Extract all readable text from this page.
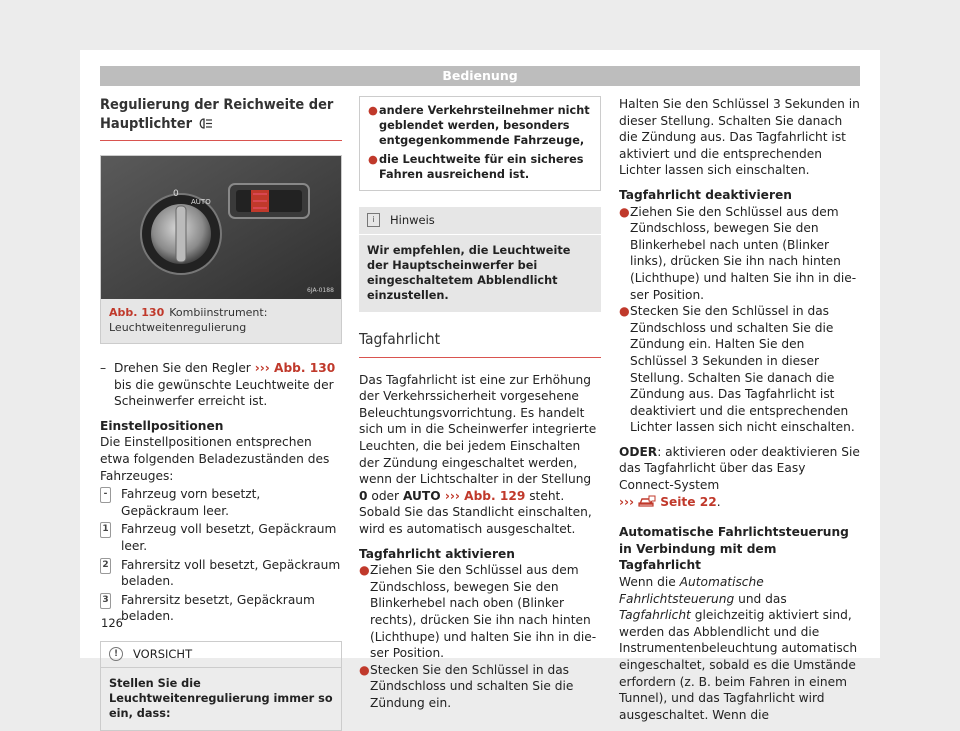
Bedienung
Regulierung der Reichweite der
Hauptlichter
0
AUTO
6JA-0188
Abb. 130 Kombiinstrument: Leuchtweitenregulierung
– Drehen Sie den Regler ››› Abb. 130 bis die gewünschte Leuchtweite der Scheinwerfer erreicht ist.

Einstellpositionen

Die Einstellpositionen entsprechen etwa folgenden Beladezuständen des Fahrzeuges:

- Fahrzeug vorn besetzt, Gepäckraum leer.
1 Fahrzeug voll besetzt, Gepäckraum leer.
2 Fahrersitz voll besetzt, Gepäckraum beladen.
3 Fahrersitz besetzt, Gepäckraum beladen.
!	VORSICHT
Stellen Sie die Leuchtweitenregulierung immer so ein, dass:
● andere Verkehrsteilnehmer nicht geblendet werden, besonders entgegenkommende Fahrzeuge,
● die Leuchtweite für ein sicheres Fahren ausreichend ist.
i	Hinweis
Wir empfehlen, die Leuchtweite der Hauptscheinwerfer bei eingeschaltetem Abblendlicht einzustellen.
Tagfahrlicht

Das Tagfahrlicht ist eine zur Erhöhung der Verkehrssicherheit vorgesehene Beleuchtungsvorrichtung. Es handelt sich um in die Scheinwerfer integrierte Leuchten, die bei jedem Einschalten der Zündung eingeschaltet werden, wenn der Lichtschalter in der Stellung 0 oder AUTO ››› Abb. 129 steht. Sobald Sie das Standlicht einschalten, wird es automatisch ausgeschaltet.

Tagfahrlicht aktivieren

● Ziehen Sie den Schlüssel aus dem Zündschloss, bewegen Sie den Blinkerhebel nach oben (Blinker rechts), drücken Sie ihn nach hinten (Lichthupe) und halten Sie ihn in dieser Position.
● Stecken Sie den Schlüssel in das Zündschloss und schalten Sie die Zündung ein.

Halten Sie den Schlüssel 3 Sekunden in dieser Stellung. Schalten Sie danach die Zündung aus. Das Tagfahrlicht ist aktiviert und die entsprechenden Lichter lassen sich einschalten.

Tagfahrlicht deaktivieren

● Ziehen Sie den Schlüssel aus dem Zündschloss, bewegen Sie den Blinkerhebel nach unten (Blinker links), drücken Sie ihn nach hinten (Lichthupe) und halten Sie ihn in dieser Position.
● Stecken Sie den Schlüssel in das Zündschloss und schalten Sie die Zündung ein. Halten Sie den Schlüssel 3 Sekunden in dieser Stellung. Schalten Sie danach die Zündung aus. Das Tagfahrlicht ist deaktiviert und die entsprechenden Lichter lassen sich nicht einschalten.

ODER: aktivieren oder deaktivieren Sie das Tagfahrlicht über das Easy Connect-System
›››  Seite 22.

Automatische Fahrlichtsteuerung in Verbindung mit dem Tagfahrlicht

Wenn die Automatische Fahrlichtsteuerung und das Tagfahrlicht gleichzeitig aktiviert sind, werden das Abblendlicht und die Instrumentenbeleuchtung automatisch eingeschaltet, sobald es die Umstände erfordern (z. B. beim Fahren in einem Tunnel), und das Tagfahrlicht wird ausgeschaltet. Wenn die

126
